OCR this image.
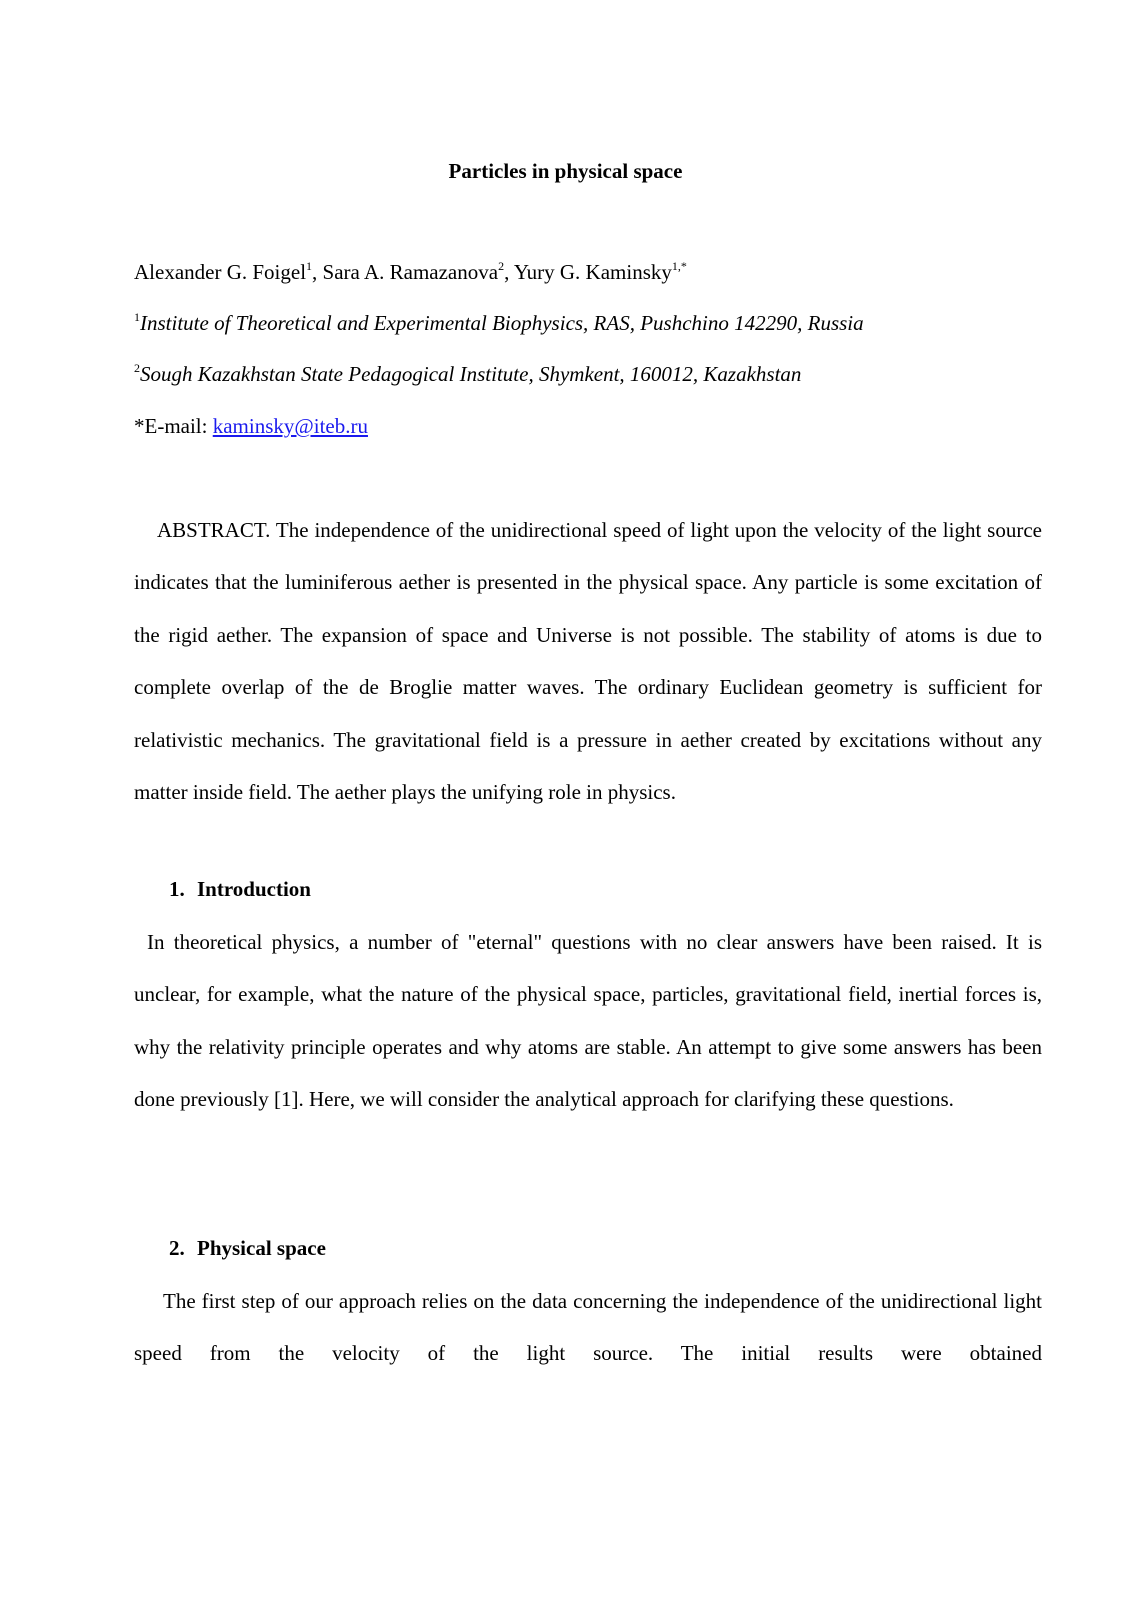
Particles in physical space

Alexander G. Foigel$^1$, Sara A. Ramazanova$^2$, Yury G. Kaminsky$^{1,*}$

$^1$Institute of Theoretical and Experimental Biophysics, RAS, Pushchino 142290, Russia

$^2$Sough Kazakhstan State Pedagogical Institute, Shymkent, 160012, Kazakhstan

*E-mail: kaminsky@iteb.ru

ABSTRACT. The independence of the unidirectional speed of light upon the velocity of the light source indicates that the luminiferous aether is presented in the physical space. Any particle is some excitation of the rigid aether. The expansion of space and Universe is not possible. The stability of atoms is due to complete overlap of the de Broglie matter waves. The ordinary Euclidean geometry is sufficient for relativistic mechanics. The gravitational field is a pressure in aether created by excitations without any matter inside field. The aether plays the unifying role in physics.

1. Introduction

In theoretical physics, a number of "eternal" questions with no clear answers have been raised. It is unclear, for example, what the nature of the physical space, particles, gravitational field, inertial forces is, why the relativity principle operates and why atoms are stable. An attempt to give some answers has been done previously [1]. Here, we will consider the analytical approach for clarifying these questions.

2. Physical space

The first step of our approach relies on the data concerning the independence of the unidirectional light speed from the velocity of the light source. The initial results were obtained
